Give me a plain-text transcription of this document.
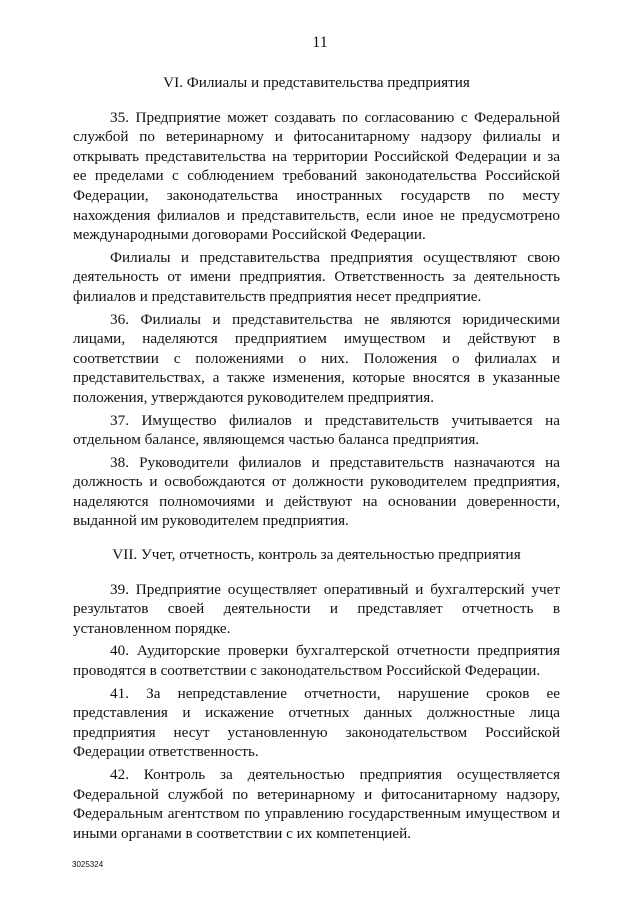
11
VI. Филиалы и представительства предприятия

35. Предприятие может создавать по согласованию с Федеральной службой по ветеринарному и фитосанитарному надзору филиалы и открывать представительства на территории Российской Федерации и за ее пределами с соблюдением требований законодательства Российской Федерации, законодательства иностранных государств по месту нахождения филиалов и представительств, если иное не предусмотрено международными договорами Российской Федерации.

Филиалы и представительства предприятия осуществляют свою деятельность от имени предприятия. Ответственность за деятельность филиалов и представительств предприятия несет предприятие.

36. Филиалы и представительства не являются юридическими лицами, наделяются предприятием имуществом и действуют в соответствии с положениями о них. Положения о филиалах и представительствах, а также изменения, которые вносятся в указанные положения, утверждаются руководителем предприятия.

37. Имущество филиалов и представительств учитывается на отдельном балансе, являющемся частью баланса предприятия.

38. Руководители филиалов и представительств назначаются на должность и освобождаются от должности руководителем предприятия, наделяются полномочиями и действуют на основании доверенности, выданной им руководителем предприятия.

VII. Учет, отчетность, контроль за деятельностью предприятия

39. Предприятие осуществляет оперативный и бухгалтерский учет результатов своей деятельности и представляет отчетность в установленном порядке.

40. Аудиторские проверки бухгалтерской отчетности предприятия проводятся в соответствии с законодательством Российской Федерации.

41. За непредставление отчетности, нарушение сроков ее представления и искажение отчетных данных должностные лица предприятия несут установленную законодательством Российской Федерации ответственность.

42. Контроль за деятельностью предприятия осуществляется Федеральной службой по ветеринарному и фитосанитарному надзору, Федеральным агентством по управлению государственным имуществом и иными органами в соответствии с их компетенцией.

3025324
